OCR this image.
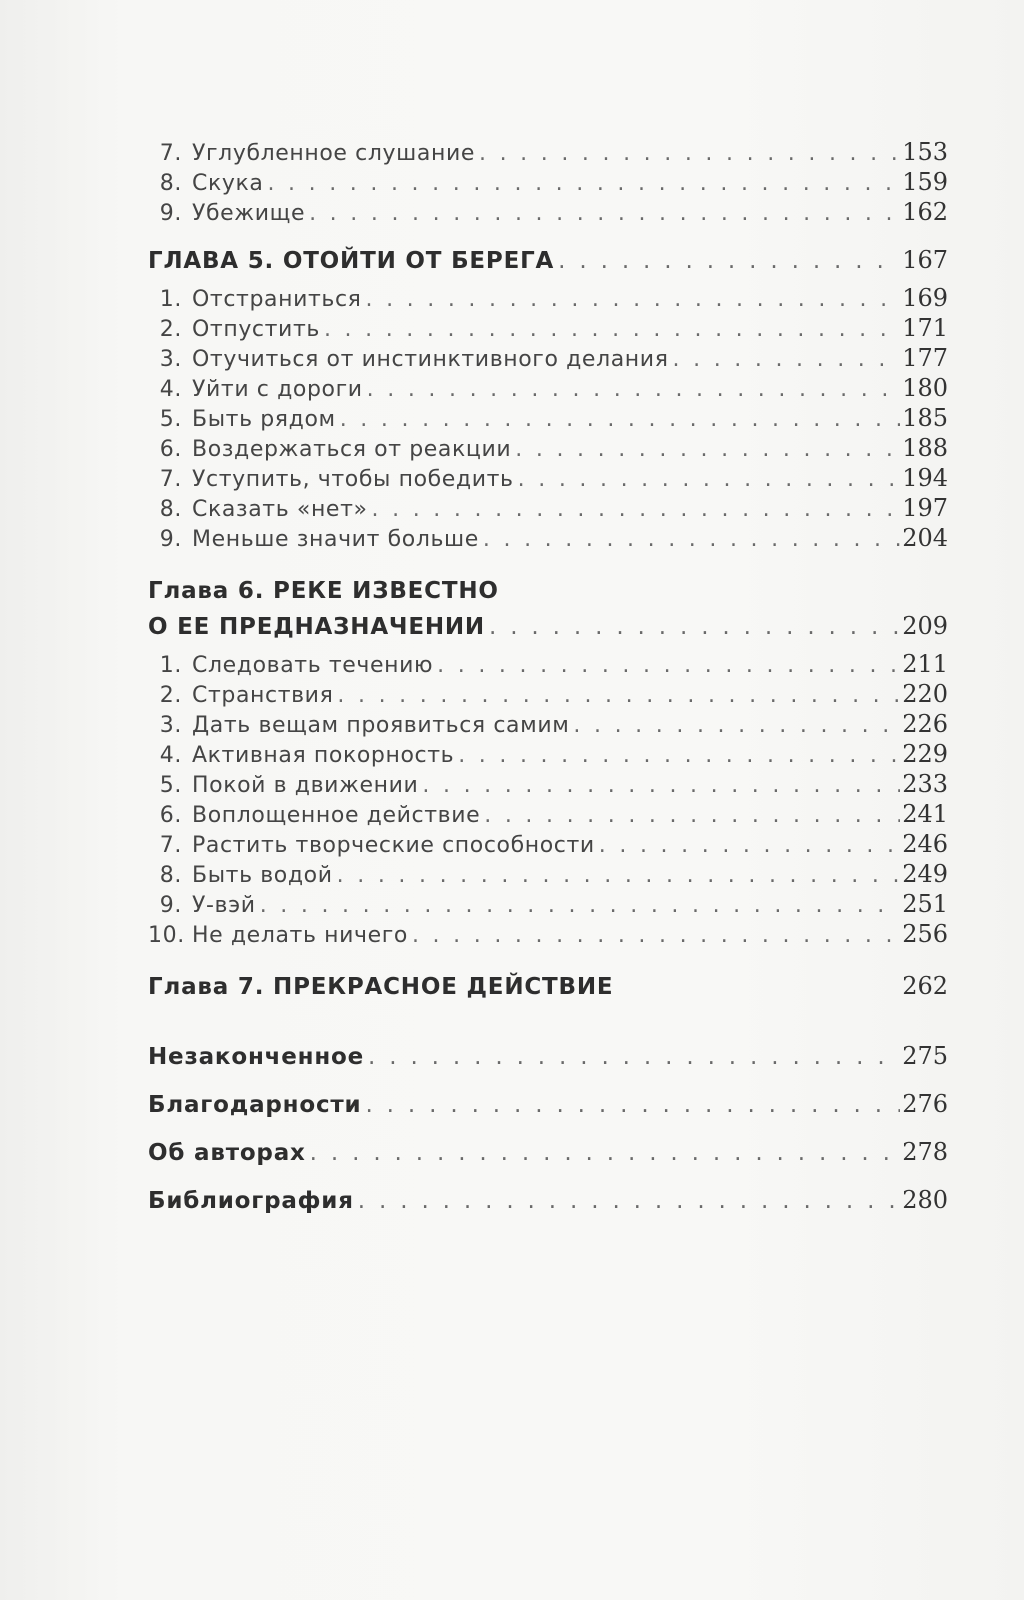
7. Углубленное слушание . . .	153
8. Скука . . .	159
9. Убежище . . .	162
ГЛАВА 5. ОТОЙТИ ОТ БЕРЕГА . . .	167
1. Отстраниться . . .	169
2. Отпустить . . .	171
3. Отучиться от инстинктивного делания . . .	177
4. Уйти с дороги . . .	180
5. Быть рядом . . .	185
6. Воздержаться от реакции . . .	188
7. Уступить, чтобы победить . . .	194
8. Сказать «нет» . . .	197
9. Меньше значит больше . . .	204
Глава 6. РЕКЕ ИЗВЕСТНО
О ЕЕ ПРЕДНАЗНАЧЕНИИ . . .	209
1. Следовать течению . . .	211
2. Странствия . . .	220
3. Дать вещам проявиться самим . . .	226
4. Активная покорность . . .	229
5. Покой в движении . . .	233
6. Воплощенное действие . . .	241
7. Растить творческие способности . . .	246
8. Быть водой . . .	249
9. У-вэй . . .	251
10. Не делать ничего . . .	256
Глава 7. ПРЕКРАСНОЕ ДЕЙСТВИЕ	262
Незаконченное . . .	275
Благодарности . . .	276
Об авторах . . .	278
Библиография . . .	280
